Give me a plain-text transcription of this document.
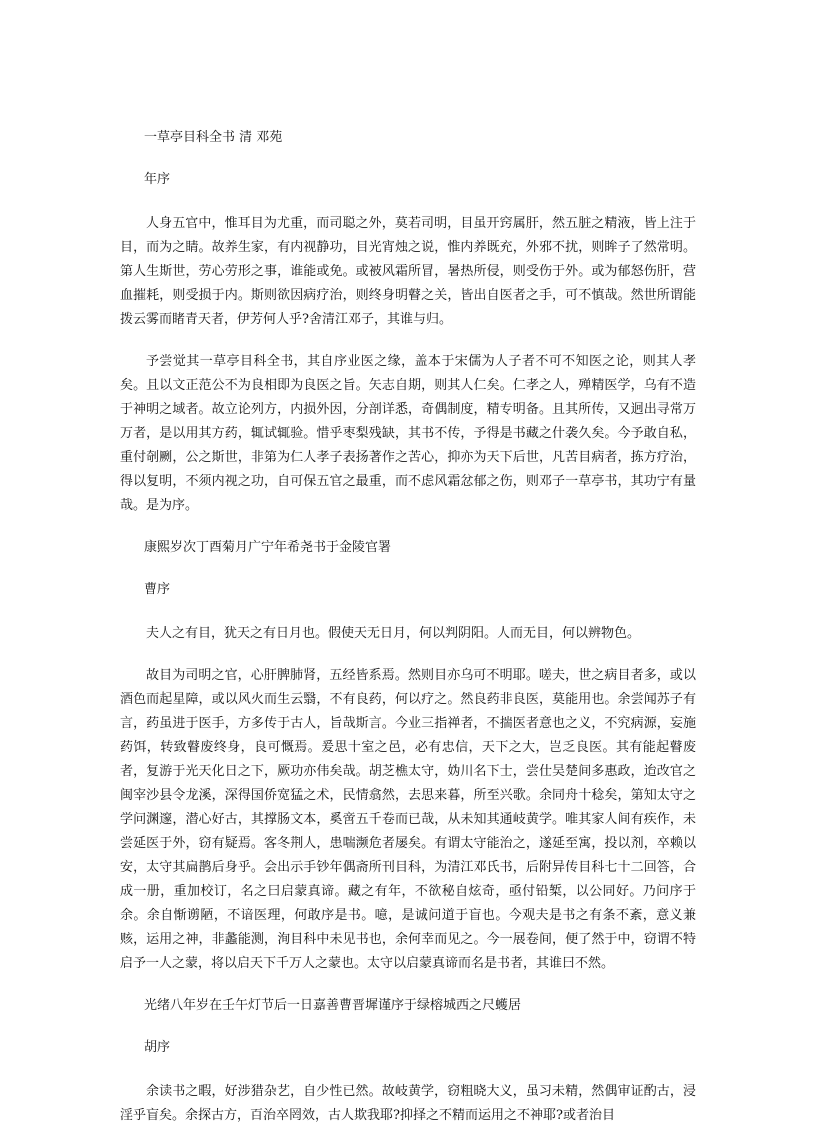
一草亭目科全书 清 邓苑

年序

人身五官中，惟耳目为尤重，而司聪之外，莫若司明，目虽开窍属肝，然五脏之精液，皆上注于目，而为之睛。故养生家，有内视静功，目光宵烛之说，惟内养既充，外邪不扰，则眸子了然常明。第人生斯世，劳心劳形之事，谁能或免。或被风霜所冒，暑热所侵，则受伤于外。或为郁怒伤肝，营血摧耗，则受损于内。斯则欲因病疗治，则终身明瞽之关，皆出自医者之手，可不慎哉。然世所谓能拨云雾而睹青天者，伊芳何人乎?舍清江邓子，其谁与归。

予尝觉其一草亭目科全书，其自序业医之缘，盖本于宋儒为人子者不可不知医之论，则其人孝矣。且以文正范公不为良相即为良医之旨。矢志自期，则其人仁矣。仁孝之人，殚精医学，乌有不造于神明之域者。故立论列方，内损外因，分剖详悉，奇偶制度，精专明备。且其所传，又迥出寻常万万者，是以用其方药，辄试辄验。惜乎枣梨残缺，其书不传，予得是书藏之什袭久矣。今予敢自私，重付剞劂，公之斯世，非第为仁人孝子表扬著作之苦心，抑亦为天下后世，凡苦目病者，拣方疗治，得以复明，不须内视之功，自可保五官之最重，而不虑风霜忿郁之伤，则邓子一草亭书，其功宁有量哉。是为序。

康熙岁次丁酉菊月广宁年希尧书于金陵官署

曹序

夫人之有目，犹天之有日月也。假使天无日月，何以判阴阳。人而无目，何以辨物色。

故目为司明之官，心肝脾肺肾，五经皆系焉。然则目亦乌可不明耶。嗟夫，世之病目者多，或以酒色而起星障，或以风火而生云翳，不有良药，何以疗之。然良药非良医，莫能用也。余尝闻苏子有言，药虽进于医手，方多传于古人，旨哉斯言。今业三指禅者，不揣医者意也之义，不究病源，妄施药饵，转致瞽废终身，良可慨焉。爰思十室之邑，必有忠信，天下之大，岂乏良医。其有能起瞽废者，复游于光天化日之下，厥功亦伟矣哉。胡芝樵太守，妫川名下士，尝仕吴楚间多惠政，迨改官之闽宰沙县令龙溪，深得国侨宽猛之术，民情翕然，去思来暮，所至兴歌。余同舟十稔矣，第知太守之学问渊邃，潜心好古，其撑肠文本，奚啻五千卷而已哉，从未知其通岐黄学。唯其家人间有疾作，未尝延医于外，窃有疑焉。客冬荆人，患喘濒危者屡矣。有谓太守能治之，遂延至寓，投以剂，卒赖以安，太守其扁鹊后身乎。会出示手钞年偶斋所刊目科，为清江邓氏书，后附异传目科七十二回答，合成一册，重加校订，名之曰启蒙真谛。藏之有年，不欲秘自炫奇，亟付铅椠，以公同好。乃问序于余。余自惭谫陋，不谙医理，何敢序是书。噫，是诚问道于盲也。今观夫是书之有条不紊，意义兼赅，运用之神，非蠡能测，洵目科中未见书也，余何幸而见之。今一展卷间，便了然于中，窃谓不特启予一人之蒙，将以启天下千万人之蒙也。太守以启蒙真谛而名是书者，其谁曰不然。

光绪八年岁在壬午灯节后一日嘉善曹晋墀谨序于绿榕城西之尺蠖居

胡序

余读书之暇，好涉猎杂艺，自少性已然。故岐黄学，窃粗晓大义，虽习未精，然偶审证酌古，浸淫乎盲矣。余探古方，百治卒罔效，古人欺我耶?抑择之不精而运用之不神耶?或者治目
